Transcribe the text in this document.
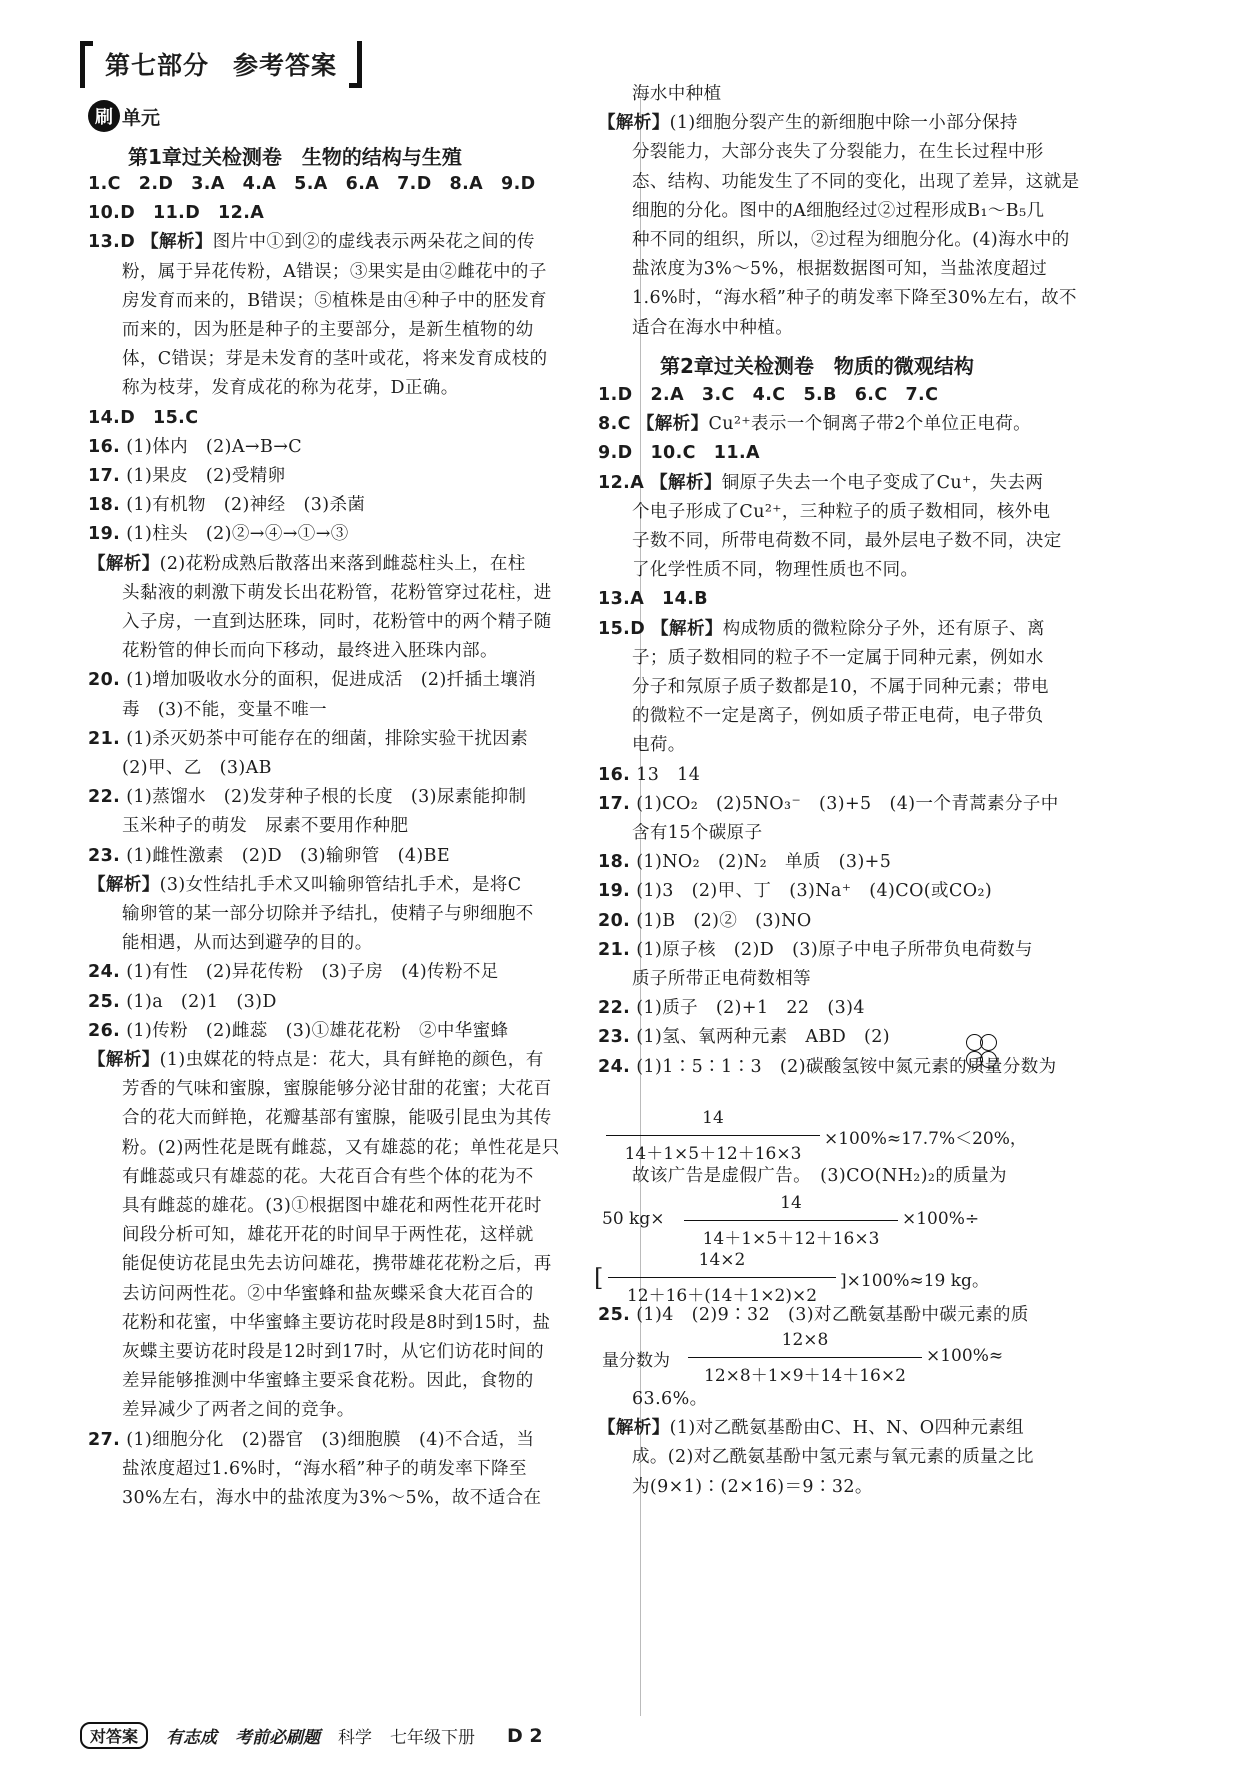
第七部分 参考答案
刷 单元
第1章过关检测卷　生物的结构与生殖
1.C　2.D　3.A　4.A　5.A　6.A　7.D　8.A　9.D
10.D　11.D　12.A
13.D 【解析】图片中①到②的虚线表示两朵花之间的传
粉，属于异花传粉，A错误；③果实是由②雌花中的子
房发育而来的，B错误；⑤植株是由④种子中的胚发育
而来的，因为胚是种子的主要部分，是新生植物的幼
体，C错误；芽是未发育的茎叶或花，将来发育成枝的
称为枝芽，发育成花的称为花芽，D正确。
14.D　15.C
16. (1)体内　(2)A→B→C
17. (1)果皮　(2)受精卵
18. (1)有机物　(2)神经　(3)杀菌
19. (1)柱头　(2)②→④→①→③
【解析】(2)花粉成熟后散落出来落到雌蕊柱头上，在柱
头黏液的刺激下萌发长出花粉管，花粉管穿过花柱，进
入子房，一直到达胚珠，同时，花粉管中的两个精子随
花粉管的伸长而向下移动，最终进入胚珠内部。
20. (1)增加吸收水分的面积，促进成活　(2)扦插土壤消
毒　(3)不能，变量不唯一
21. (1)杀灭奶茶中可能存在的细菌，排除实验干扰因素
(2)甲、乙　(3)AB
22. (1)蒸馏水　(2)发芽种子根的长度　(3)尿素能抑制
玉米种子的萌发　尿素不要用作种肥
23. (1)雌性激素　(2)D　(3)输卵管　(4)BE
【解析】(3)女性结扎手术又叫输卵管结扎手术，是将C
输卵管的某一部分切除并予结扎，使精子与卵细胞不
能相遇，从而达到避孕的目的。
24. (1)有性　(2)异花传粉　(3)子房　(4)传粉不足
25. (1)a　(2)1　(3)D
26. (1)传粉　(2)雌蕊　(3)①雄花花粉　②中华蜜蜂
【解析】(1)虫媒花的特点是：花大，具有鲜艳的颜色，有
芳香的气味和蜜腺，蜜腺能够分泌甘甜的花蜜；大花百
合的花大而鲜艳，花瓣基部有蜜腺，能吸引昆虫为其传
粉。(2)两性花是既有雌蕊，又有雄蕊的花；单性花是只
有雌蕊或只有雄蕊的花。大花百合有些个体的花为不
具有雌蕊的雄花。(3)①根据图中雄花和两性花开花时
间段分析可知，雄花开花的时间早于两性花，这样就
能促使访花昆虫先去访问雄花，携带雄花花粉之后，再
去访问两性花。②中华蜜蜂和盐灰蝶采食大花百合的
花粉和花蜜，中华蜜蜂主要访花时段是8时到15时，盐
灰蝶主要访花时段是12时到17时，从它们访花时间的
差异能够推测中华蜜蜂主要采食花粉。因此，食物的
差异减少了两者之间的竞争。
27. (1)细胞分化　(2)器官　(3)细胞膜　(4)不合适，当
盐浓度超过1.6%时，“海水稻”种子的萌发率下降至
30%左右，海水中的盐浓度为3%～5%，故不适合在
第2章过关检测卷　物质的微观结构
海水中种植
【解析】(1)细胞分裂产生的新细胞中除一小部分保持
分裂能力，大部分丧失了分裂能力，在生长过程中形
态、结构、功能发生了不同的变化，出现了差异，这就是
细胞的分化。图中的A细胞经过②过程形成B₁～B₅几
种不同的组织，所以，②过程为细胞分化。(4)海水中的
盐浓度为3%～5%，根据数据图可知，当盐浓度超过
1.6%时，“海水稻”种子的萌发率下降至30%左右，故不
适合在海水中种植。
1.D　2.A　3.C　4.C　5.B　6.C　7.C
8.C 【解析】Cu²⁺表示一个铜离子带2个单位正电荷。
9.D　10.C　11.A
12.A 【解析】铜原子失去一个电子变成了Cu⁺，失去两
个电子形成了Cu²⁺，三种粒子的质子数相同，核外电
子数不同，所带电荷数不同，最外层电子数不同，决定
了化学性质不同，物理性质也不同。
13.A　14.B
15.D 【解析】构成物质的微粒除分子外，还有原子、离
子；质子数相同的粒子不一定属于同种元素，例如水
分子和氖原子质子数都是10，不属于同种元素；带电
的微粒不一定是离子，例如质子带正电荷，电子带负
电荷。
16. 13　14
17. (1)CO₂　(2)5NO₃⁻　(3)+5　(4)一个青蒿素分子中
含有15个碳原子
18. (1)NO₂　(2)N₂　单质　(3)+5
19. (1)3　(2)甲、丁　(3)Na⁺　(4)CO(或CO₂)
20. (1)B　(2)②　(3)NO
21. (1)原子核　(2)D　(3)原子中电子所带负电荷数与
质子所带正电荷数相等
22. (1)质子　(2)+1　22　(3)4
23. (1)氢、氧两种元素　ABD　(2)
24. (1)1∶5∶1∶3　(2)碳酸氢铵中氮元素的质量分数为
14
14＋1×5＋12＋16×3
×100%≈17.7%＜20%，
故该广告是虚假广告。　(3)CO(NH₂)₂的质量为
50 kg×
14
14＋1×5＋12＋16×3
×100%÷
[
14×2
12＋16＋(14＋1×2)×2
]×100%≈19 kg。
25. (1)4　(2)9∶32　(3)对乙酰氨基酚中碳元素的质
量分数为
12×8
12×8＋1×9＋14＋16×2
×100%≈
63.6%。
【解析】(1)对乙酰氨基酚由C、H、N、O四种元素组
成。(2)对乙酰氨基酚中氢元素与氧元素的质量之比
为(9×1)∶(2×16)＝9∶32。
对答案	有志成 考前必刷题 科学 七年级下册 D 2
